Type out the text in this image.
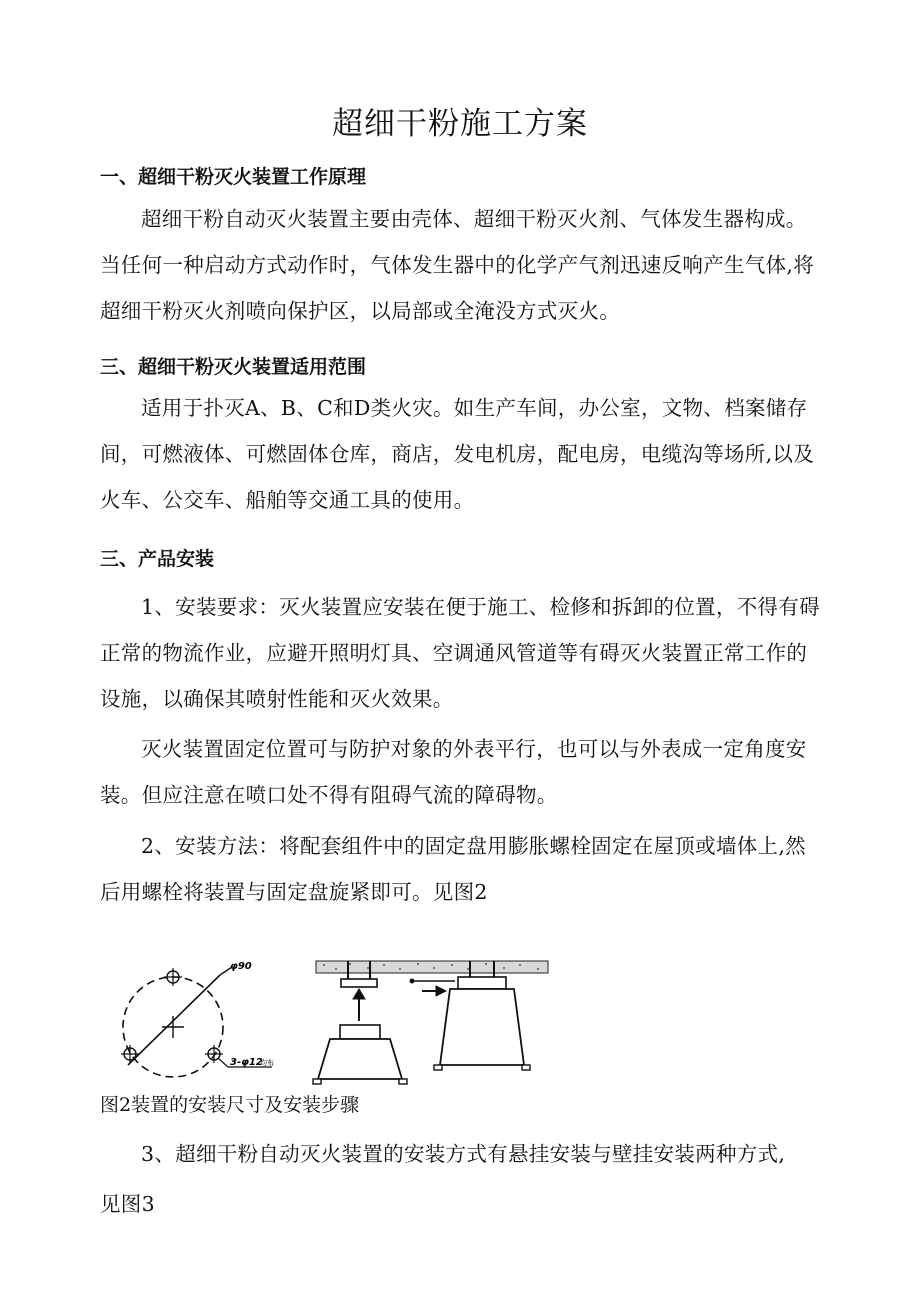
超细干粉施工方案
一、超细干粉灭火装置工作原理
超细干粉自动灭火装置主要由壳体、超细干粉灭火剂、气体发生器构成。当任何一种启动方式动作时，气体发生器中的化学产气剂迅速反响产生气体,将超细干粉灭火剂喷向保护区，以局部或全淹没方式灭火。
三、超细干粉灭火装置适用范围
适用于扑灭A、B、C和D类火灾。如生产车间，办公室，文物、档案储存间，可燃液体、可燃固体仓库，商店，发电机房，配电房，电缆沟等场所,以及火车、公交车、船舶等交通工具的使用。
三、产品安装
1、安装要求：灭火装置应安装在便于施工、检修和拆卸的位置，不得有碍正常的物流作业，应避开照明灯具、空调通风管道等有碍灭火装置正常工作的设施，以确保其喷射性能和灭火效果。
灭火装置固定位置可与防护对象的外表平行，也可以与外表成一定角度安装。但应注意在喷口处不得有阻碍气流的障碍物。
2、安装方法：将配套组件中的固定盘用膨胀螺栓固定在屋顶或墙体上,然后用螺栓将装置与固定盘旋紧即可。见图2
φ90
3-φ12
均布
图2装置的安装尺寸及安装步骤
3、超细干粉自动灭火装置的安装方式有悬挂安装与壁挂安装两种方式,
见图3
